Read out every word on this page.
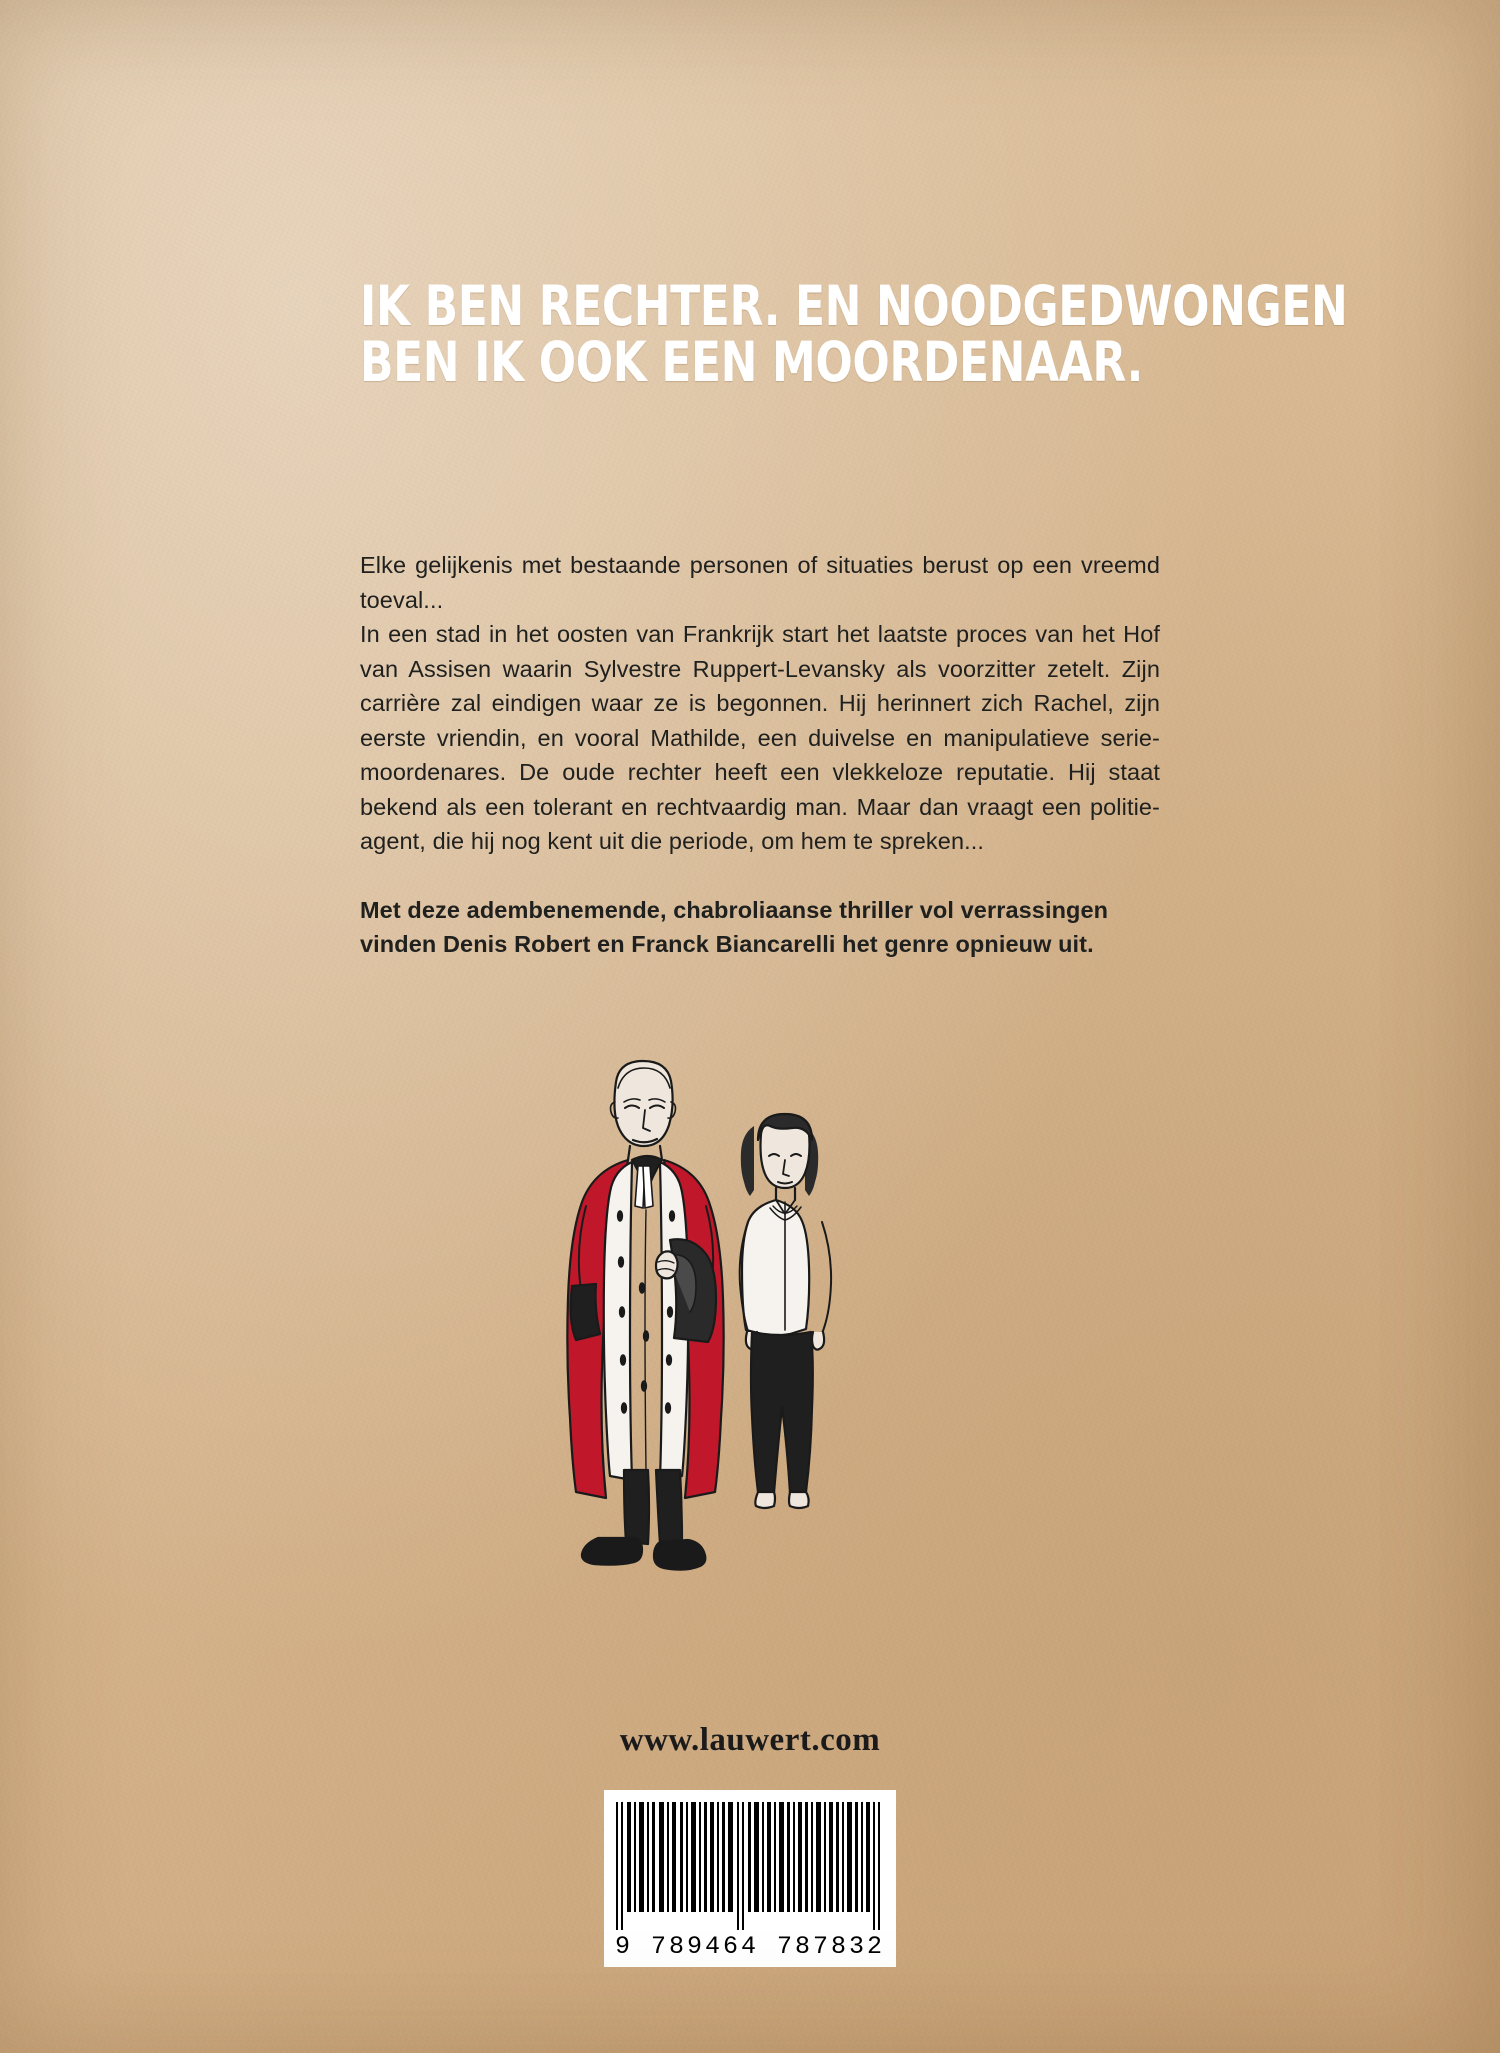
IK BEN RECHTER. EN NOODGEDWONGEN
BEN IK OOK EEN MOORDENAAR.

Elke gelijkenis met bestaande personen of situaties berust op een vreemd toeval...

In een stad in het oosten van Frankrijk start het laatste proces van het Hof van Assisen waarin Sylvestre Ruppert-Levansky als voorzitter zetelt. Zijn carrière zal eindigen waar ze is begonnen. Hij herinnert zich Rachel, zijn eerste vriendin, en vooral Mathilde, een duivelse en manipulatieve serie-moordenares. De oude rechter heeft een vlekkeloze reputatie. Hij staat bekend als een tolerant en rechtvaardig man. Maar dan vraagt een politie-agent, die hij nog kent uit die periode, om hem te spreken...

Met deze adembenemende, chabroliaanse thriller vol verrassingen vinden Denis Robert en Franck Biancarelli het genre opnieuw uit.

www.lauwert.com
9 789464 787832
